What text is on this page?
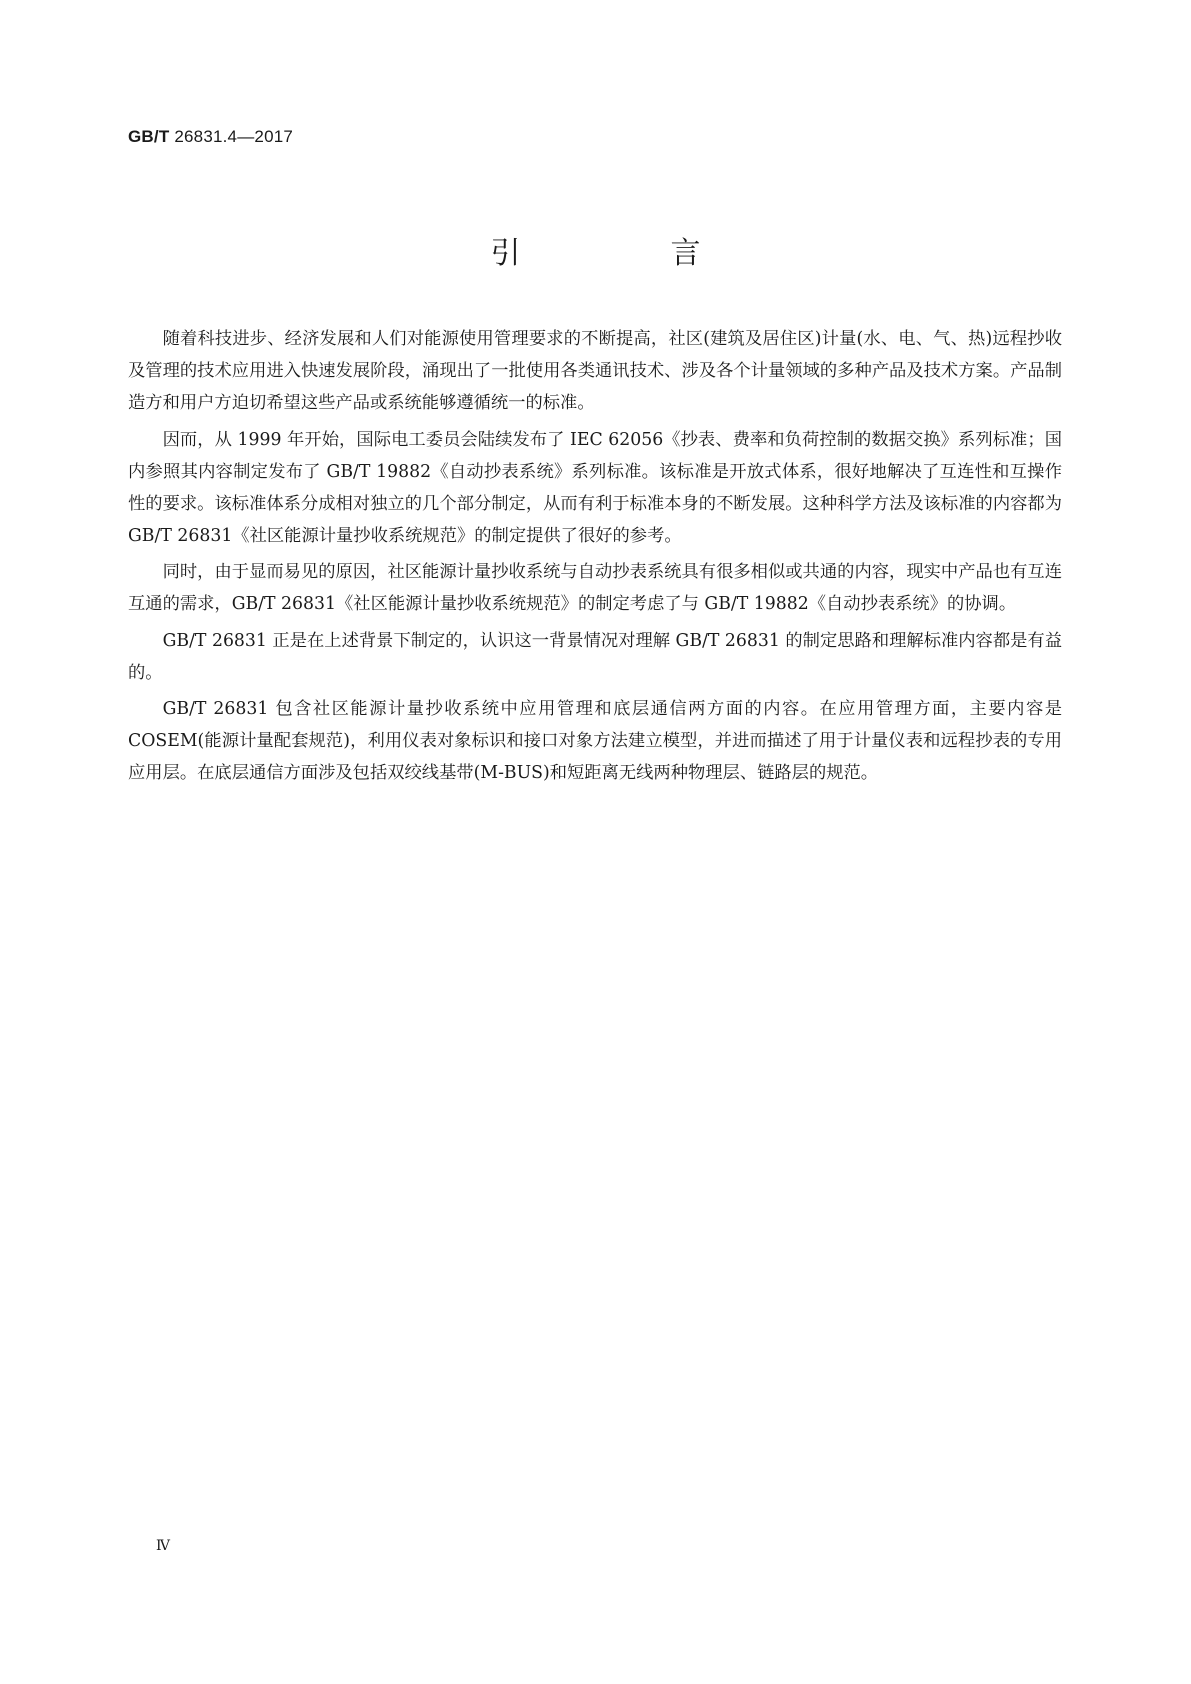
GB/T 26831.4—2017
引　言

随着科技进步、经济发展和人们对能源使用管理要求的不断提高，社区(建筑及居住区)计量(水、电、气、热)远程抄收及管理的技术应用进入快速发展阶段，涌现出了一批使用各类通讯技术、涉及各个计量领域的多种产品及技术方案。产品制造方和用户方迫切希望这些产品或系统能够遵循统一的标准。

因而，从 1999 年开始，国际电工委员会陆续发布了 IEC 62056《抄表、费率和负荷控制的数据交换》系列标准；国内参照其内容制定发布了 GB/T 19882《自动抄表系统》系列标准。该标准是开放式体系，很好地解决了互连性和互操作性的要求。该标准体系分成相对独立的几个部分制定，从而有利于标准本身的不断发展。这种科学方法及该标准的内容都为 GB/T 26831《社区能源计量抄收系统规范》的制定提供了很好的参考。

同时，由于显而易见的原因，社区能源计量抄收系统与自动抄表系统具有很多相似或共通的内容，现实中产品也有互连互通的需求，GB/T 26831《社区能源计量抄收系统规范》的制定考虑了与 GB/T 19882《自动抄表系统》的协调。

GB/T 26831 正是在上述背景下制定的，认识这一背景情况对理解 GB/T 26831 的制定思路和理解标准内容都是有益的。

GB/T 26831 包含社区能源计量抄收系统中应用管理和底层通信两方面的内容。在应用管理方面，主要内容是 COSEM(能源计量配套规范)，利用仪表对象标识和接口对象方法建立模型，并进而描述了用于计量仪表和远程抄表的专用应用层。在底层通信方面涉及包括双绞线基带(M-BUS)和短距离无线两种物理层、链路层的规范。

Ⅳ
